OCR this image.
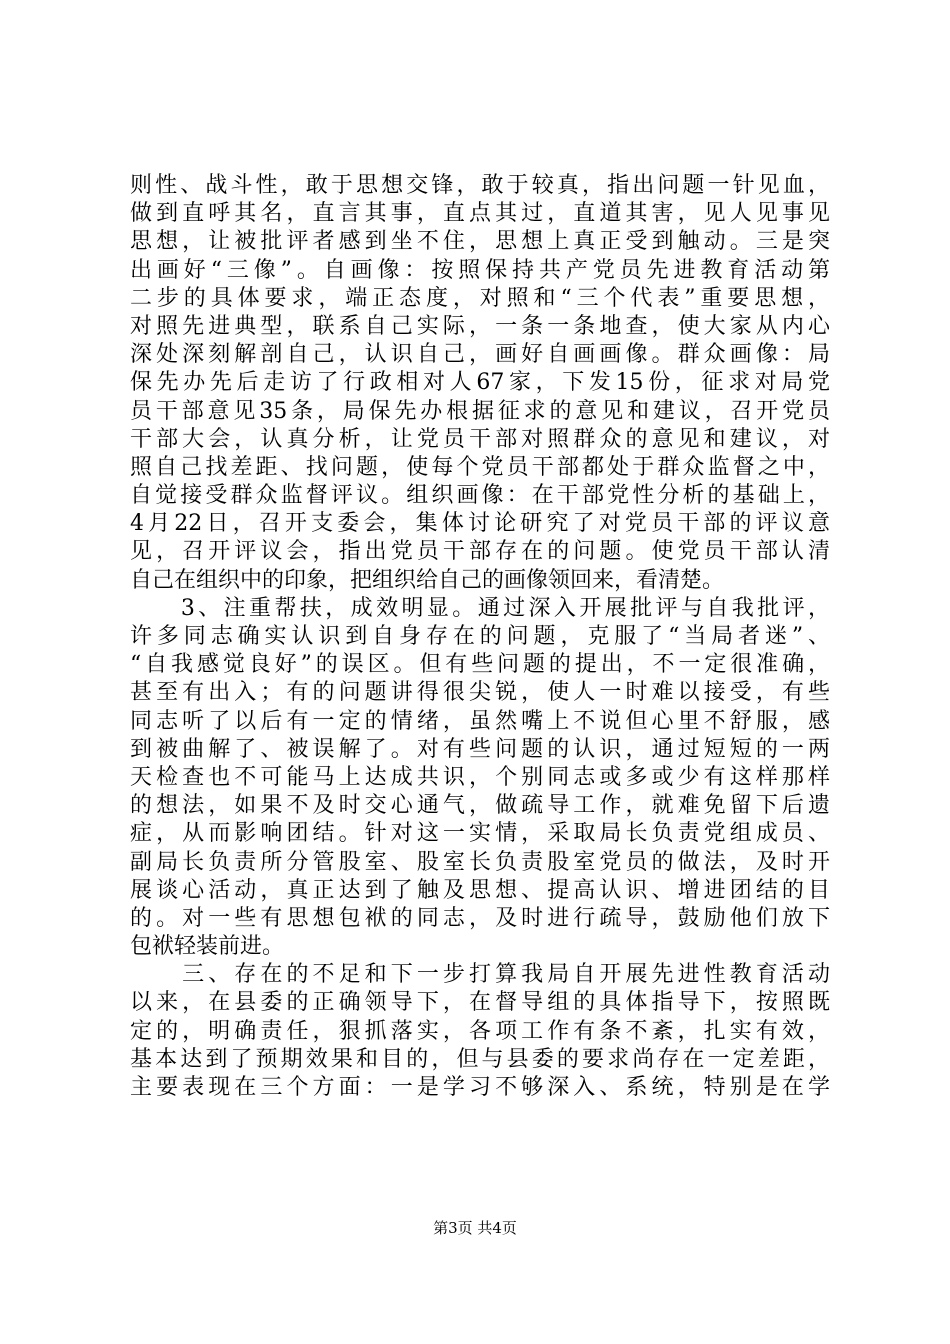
则性、战斗性，敢于思想交锋，敢于较真，指出问题一针见血，
做到直呼其名，直言其事，直点其过，直道其害，见人见事见
思想，让被批评者感到坐不住，思想上真正受到触动。三是突
出画好“三像”。自画像：按照保持共产党员先进教育活动第
二步的具体要求，端正态度，对照和“三个代表”重要思想，
对照先进典型，联系自己实际，一条一条地查，使大家从内心
深处深刻解剖自己，认识自己，画好自画画像。群众画像：局
保先办先后走访了行政相对人67家，下发15份，征求对局党
员干部意见35条，局保先办根据征求的意见和建议，召开党员
干部大会，认真分析，让党员干部对照群众的意见和建议，对
照自己找差距、找问题，使每个党员干部都处于群众监督之中，
自觉接受群众监督评议。组织画像：在干部党性分析的基础上，
4月22日，召开支委会，集体讨论研究了对党员干部的评议意
见，召开评议会，指出党员干部存在的问题。使党员干部认清
自己在组织中的印象，把组织给自己的画像领回来，看清楚。
　　3、注重帮扶，成效明显。通过深入开展批评与自我批评，
许多同志确实认识到自身存在的问题，克服了“当局者迷”、
“自我感觉良好”的误区。但有些问题的提出，不一定很准确，
甚至有出入；有的问题讲得很尖锐，使人一时难以接受，有些
同志听了以后有一定的情绪，虽然嘴上不说但心里不舒服，感
到被曲解了、被误解了。对有些问题的认识，通过短短的一两
天检查也不可能马上达成共识，个别同志或多或少有这样那样
的想法，如果不及时交心通气，做疏导工作，就难免留下后遗
症，从而影响团结。针对这一实情，采取局长负责党组成员、
副局长负责所分管股室、股室长负责股室党员的做法，及时开
展谈心活动，真正达到了触及思想、提高认识、增进团结的目
的。对一些有思想包袱的同志，及时进行疏导，鼓励他们放下
包袱轻装前进。
　　三、存在的不足和下一步打算我局自开展先进性教育活动
以来，在县委的正确领导下，在督导组的具体指导下，按照既
定的，明确责任，狠抓落实，各项工作有条不紊，扎实有效，
基本达到了预期效果和目的，但与县委的要求尚存在一定差距，
主要表现在三个方面：一是学习不够深入、系统，特别是在学
第3页 共4页
